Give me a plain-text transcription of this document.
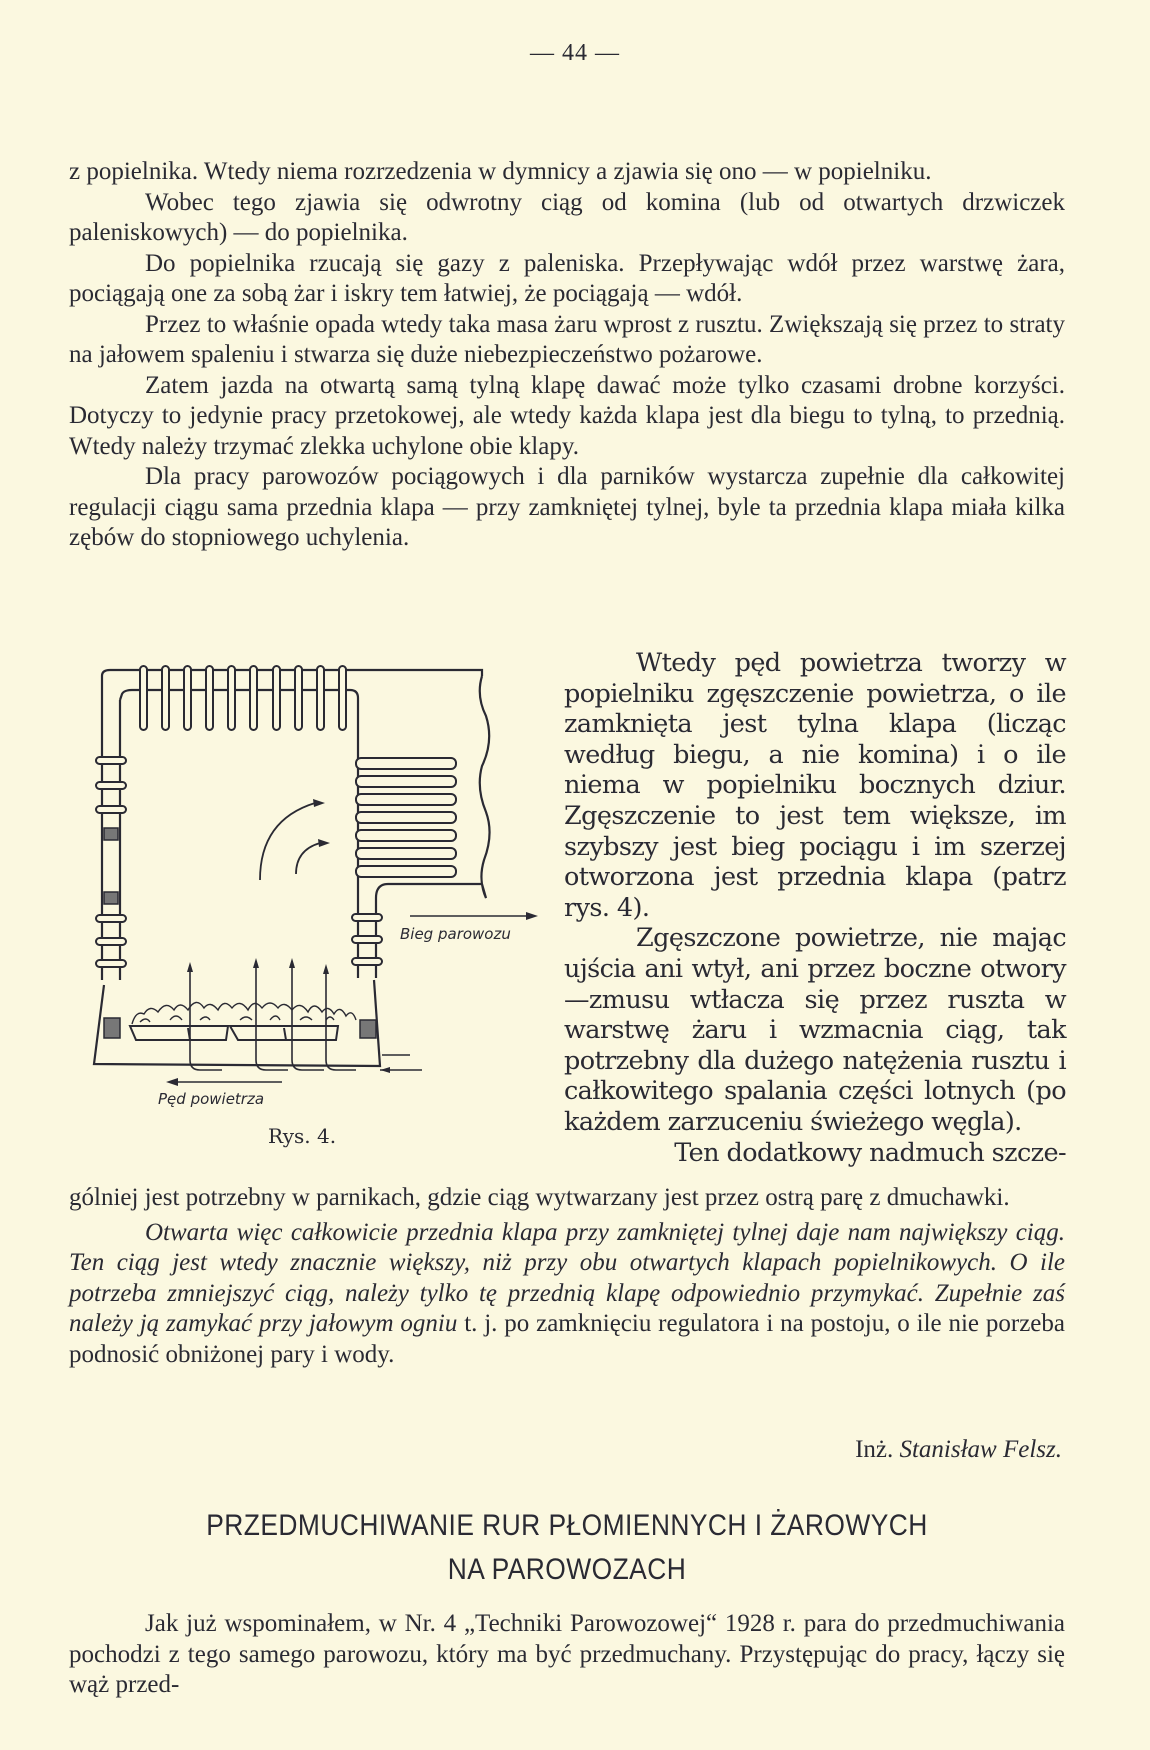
— 44 —

z popielnika. Wtedy niema rozrzedzenia w dymnicy a zjawia się ono — w popielniku.

Wobec tego zjawia się odwrotny ciąg od komina (lub od otwartych drzwiczek paleniskowych) — do popielnika.

Do popielnika rzucają się gazy z paleniska. Przepływając wdół przez warstwę żara, pociągają one za sobą żar i iskry tem łatwiej, że pociągają — wdół.

Przez to właśnie opada wtedy taka masa żaru wprost z rusztu. Zwiększają się przez to straty na jałowem spaleniu i stwarza się duże niebezpieczeństwo pożarowe.

Zatem jazda na otwartą samą tylną klapę dawać może tylko czasami drobne korzyści. Dotyczy to jedynie pracy przetokowej, ale wtedy każda klapa jest dla biegu to tylną, to przednią. Wtedy należy trzymać zlekka uchylone obie klapy.

Dla pracy parowozów pociągowych i dla parników wystarcza zupełnie dla całkowitej regulacji ciągu sama przednia klapa — przy zamkniętej tylnej, byle ta przednia klapa miała kilka zębów do stopniowego uchylenia.

Wtedy pęd powietrza tworzy w popielniku zgęszczenie powietrza, o ile zamknięta jest tylna klapa (licząc według biegu, a nie komina) i o ile niema w popielniku bocznych dziur. Zgęszczenie to jest tem większe, im szybszy jest bieg pociągu i im szerzej otworzona jest przednia klapa (patrz rys. 4).

Zgęszczone powietrze, nie mając ujścia ani wtył, ani przez boczne otwory—zmusu wtłacza się przez ruszta w warstwę żaru i wzmacnia ciąg, tak potrzebny dla dużego natężenia rusztu i całkowitego spalania części lotnych (po każdem zarzuceniu świeżego węgla).

Ten dodatkowy nadmuch szcze-

Bieg parowozu
Pęd powietrza
Rys. 4.

gólniej jest potrzebny w parnikach, gdzie ciąg wytwarzany jest przez ostrą parę z dmuchawki.

Otwarta więc całkowicie przednia klapa przy zamkniętej tylnej daje nam największy ciąg. Ten ciąg jest wtedy znacznie większy, niż przy obu otwartych klapach popielnikowych. O ile potrzeba zmniejszyć ciąg, należy tylko tę przednią klapę odpowiednio przymykać. Zupełnie zaś należy ją zamykać przy jałowym ogniu t. j. po zamknięciu regulatora i na postoju, o ile nie porzeba podnosić obniżonej pary i wody.

Inż. Stanisław Felsz.
PRZEDMUCHIWANIE RUR PŁOMIENNYCH I ŻAROWYCH
NA PAROWOZACH

Jak już wspominałem, w Nr. 4 „Techniki Parowozowej“ 1928 r. para do przedmuchiwania pochodzi z tego samego parowozu, który ma być przedmuchany. Przystępując do pracy, łączy się wąż przed-
